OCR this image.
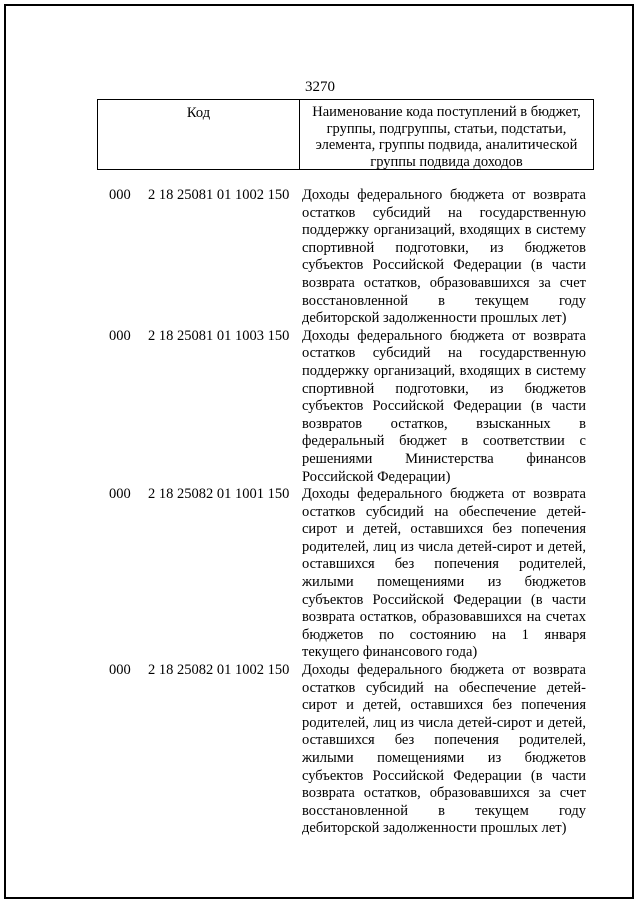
3270
Код	Наименование кода поступлений в бюджет, группы, подгруппы, статьи, подстатьи, элемента, группы подвида, аналитической группы подвида доходов
000 2 18 25081 01 1002 150 Доходы федерального бюджета от возврата остатков субсидий на государственную поддержку организаций, входящих в систему спортивной подготовки, из бюджетов субъектов Российской Федерации (в части возврата остатков, образовавшихся за счет восстановленной в текущем году дебиторской задолженности прошлых лет)
000 2 18 25081 01 1003 150 Доходы федерального бюджета от возврата остатков субсидий на государственную поддержку организаций, входящих в систему спортивной подготовки, из бюджетов субъектов Российской Федерации (в части возвратов остатков, взысканных в федеральный бюджет в соответствии с решениями Министерства финансов Российской Федерации)
000 2 18 25082 01 1001 150 Доходы федерального бюджета от возврата остатков субсидий на обеспечение детей-сирот и детей, оставшихся без попечения родителей, лиц из числа детей-сирот и детей, оставшихся без попечения родителей, жилыми помещениями из бюджетов субъектов Российской Федерации (в части возврата остатков, образовавшихся на счетах бюджетов по состоянию на 1 января текущего финансового года)
000 2 18 25082 01 1002 150 Доходы федерального бюджета от возврата остатков субсидий на обеспечение детей-сирот и детей, оставшихся без попечения родителей, лиц из числа детей-сирот и детей, оставшихся без попечения родителей, жилыми помещениями из бюджетов субъектов Российской Федерации (в части возврата остатков, образовавшихся за счет восстановленной в текущем году дебиторской задолженности прошлых лет)
